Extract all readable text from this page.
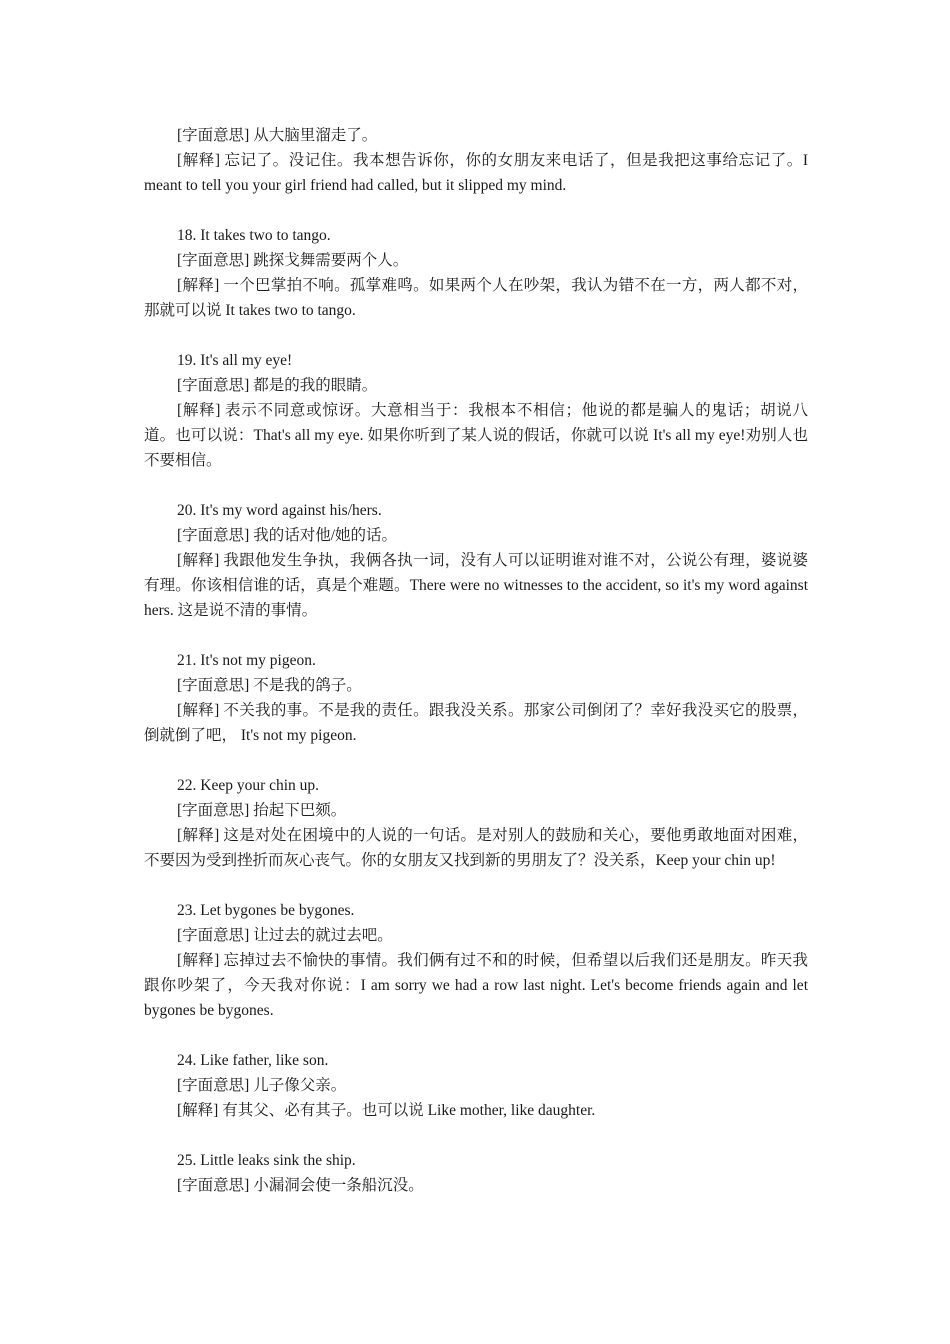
[字面意思] 从大脑里溜走了。

[解释] 忘记了。没记住。我本想告诉你，你的女朋友来电话了，但是我把这事给忘记了。I meant to tell you your girl friend had called, but it slipped my mind.

18. It takes two to tango.

[字面意思] 跳探戈舞需要两个人。

[解释] 一个巴掌拍不响。孤掌难鸣。如果两个人在吵架，我认为错不在一方，两人都不对，那就可以说 It takes two to tango.

19. It's all my eye!

[字面意思] 都是的我的眼睛。

[解释] 表示不同意或惊讶。大意相当于：我根本不相信；他说的都是骗人的鬼话；胡说八道。也可以说：That's all my eye. 如果你听到了某人说的假话，你就可以说 It's all my eye!劝别人也不要相信。

20. It's my word against his/hers.

[字面意思] 我的话对他/她的话。

[解释] 我跟他发生争执，我俩各执一词，没有人可以证明谁对谁不对，公说公有理，婆说婆有理。你该相信谁的话，真是个难题。There were no witnesses to the accident, so it's my word against hers. 这是说不清的事情。

21. It's not my pigeon.

[字面意思] 不是我的鸽子。

[解释] 不关我的事。不是我的责任。跟我没关系。那家公司倒闭了？幸好我没买它的股票，倒就倒了吧， It's not my pigeon.

22. Keep your chin up.

[字面意思] 抬起下巴颏。

[解释] 这是对处在困境中的人说的一句话。是对别人的鼓励和关心，要他勇敢地面对困难，不要因为受到挫折而灰心丧气。你的女朋友又找到新的男朋友了？没关系，Keep your chin up!

23. Let bygones be bygones.

[字面意思] 让过去的就过去吧。

[解释] 忘掉过去不愉快的事情。我们俩有过不和的时候，但希望以后我们还是朋友。昨天我跟你吵架了，今天我对你说：I am sorry we had a row last night. Let's become friends again and let bygones be bygones.

24. Like father, like son.

[字面意思] 儿子像父亲。

[解释] 有其父、必有其子。也可以说 Like mother, like daughter.

25. Little leaks sink the ship.

[字面意思] 小漏洞会使一条船沉没。
